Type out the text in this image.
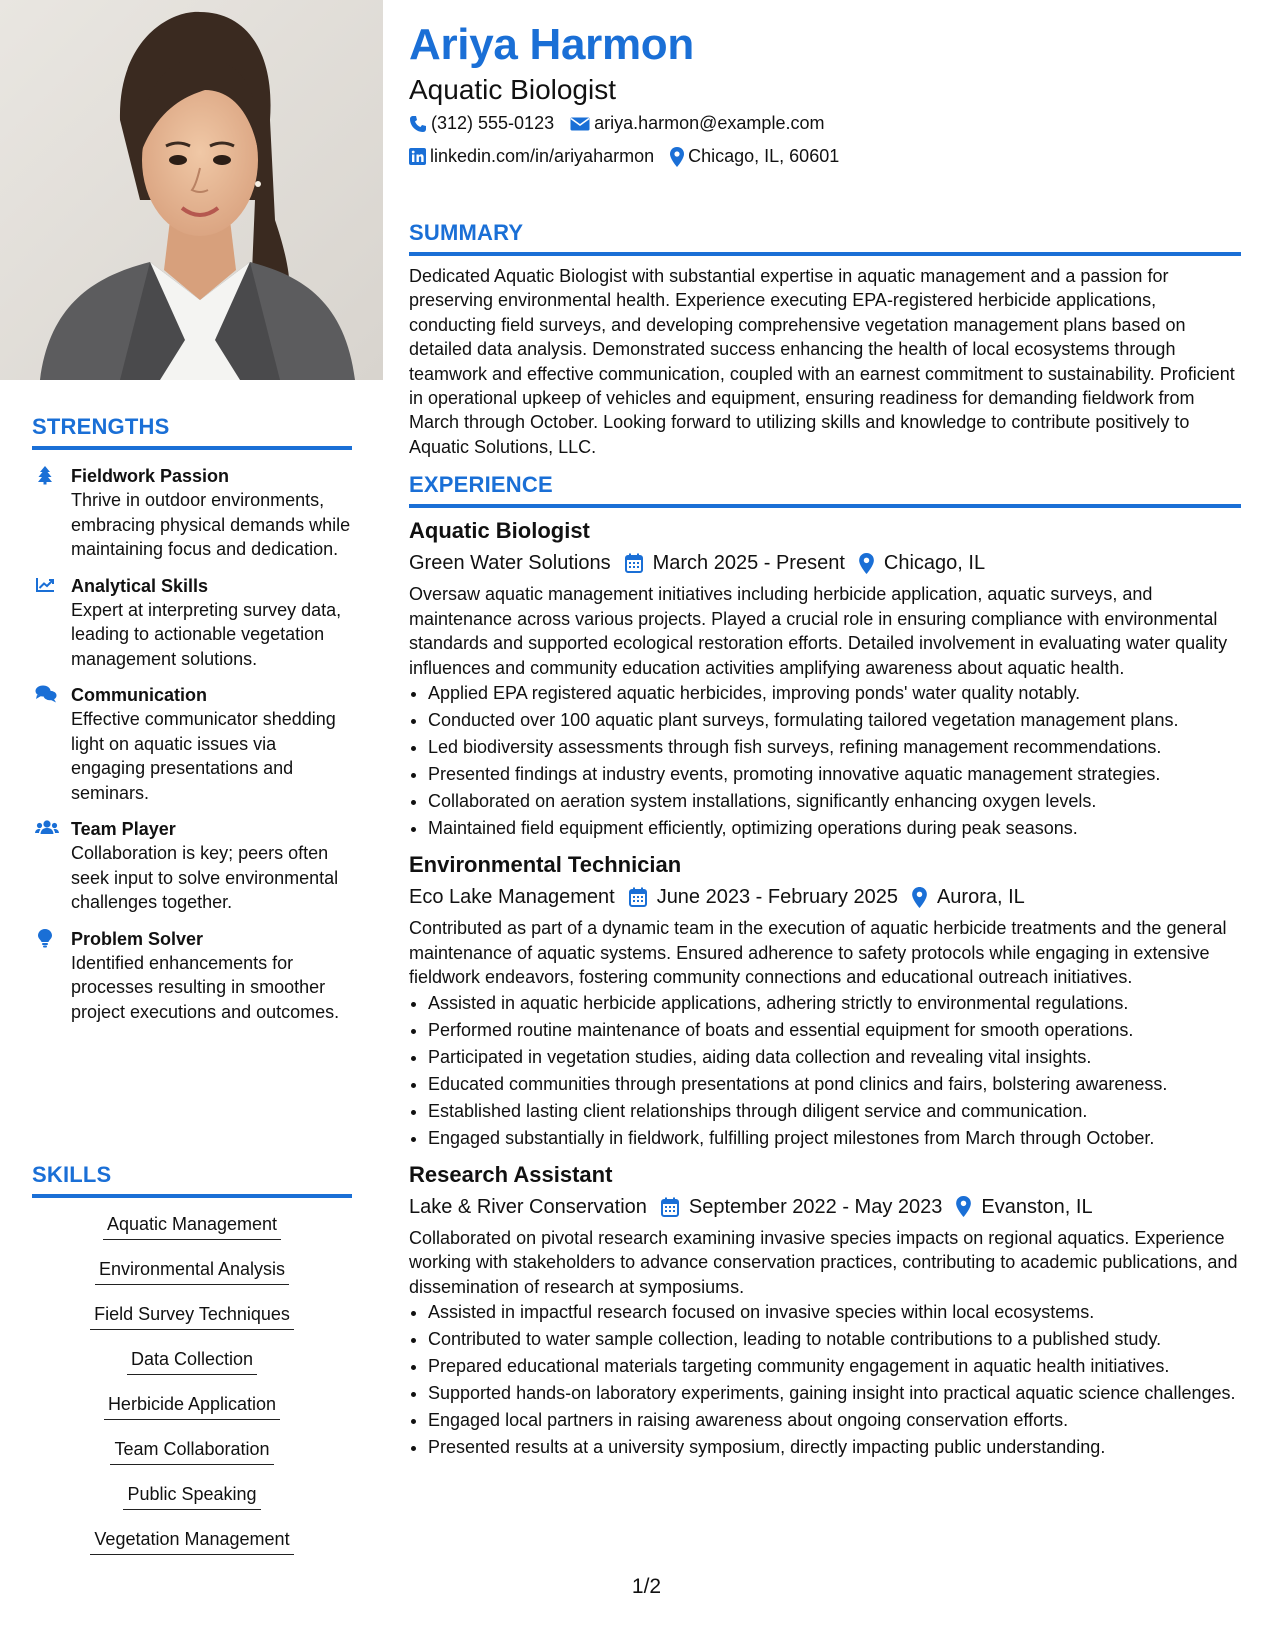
STRENGTHS
Fieldwork Passion
Thrive in outdoor environments, embracing physical demands while maintaining focus and dedication.
Analytical Skills
Expert at interpreting survey data, leading to actionable vegetation management solutions.
Communication
Effective communicator shedding light on aquatic issues via engaging presentations and seminars.
Team Player
Collaboration is key; peers often seek input to solve environmental challenges together.
Problem Solver
Identified enhancements for processes resulting in smoother project executions and outcomes.
SKILLS
Aquatic Management
Environmental Analysis
Field Survey Techniques
Data Collection
Herbicide Application
Team Collaboration
Public Speaking
Vegetation Management
Ariya Harmon
Aquatic Biologist
(312) 555-0123 ariya.harmon@example.com
linkedin.com/in/ariyaharmon Chicago, IL, 60601
SUMMARY

Dedicated Aquatic Biologist with substantial expertise in aquatic management and a passion for preserving environmental health. Experience executing EPA-registered herbicide applications, conducting field surveys, and developing comprehensive vegetation management plans based on detailed data analysis. Demonstrated success enhancing the health of local ecosystems through teamwork and effective communication, coupled with an earnest commitment to sustainability. Proficient in operational upkeep of vehicles and equipment, ensuring readiness for demanding fieldwork from March through October. Looking forward to utilizing skills and knowledge to contribute positively to Aquatic Solutions, LLC.

EXPERIENCE
Aquatic Biologist
Green Water Solutions March 2025 - Present Chicago, IL

Oversaw aquatic management initiatives including herbicide application, aquatic surveys, and maintenance across various projects. Played a crucial role in ensuring compliance with environmental standards and supported ecological restoration efforts. Detailed involvement in evaluating water quality influences and community education activities amplifying awareness about aquatic health.

• Applied EPA registered aquatic herbicides, improving ponds' water quality notably.
• Conducted over 100 aquatic plant surveys, formulating tailored vegetation management plans.
• Led biodiversity assessments through fish surveys, refining management recommendations.
• Presented findings at industry events, promoting innovative aquatic management strategies.
• Collaborated on aeration system installations, significantly enhancing oxygen levels.
• Maintained field equipment efficiently, optimizing operations during peak seasons.
Environmental Technician
Eco Lake Management June 2023 - February 2025 Aurora, IL

Contributed as part of a dynamic team in the execution of aquatic herbicide treatments and the general maintenance of aquatic systems. Ensured adherence to safety protocols while engaging in extensive fieldwork endeavors, fostering community connections and educational outreach initiatives.

• Assisted in aquatic herbicide applications, adhering strictly to environmental regulations.
• Performed routine maintenance of boats and essential equipment for smooth operations.
• Participated in vegetation studies, aiding data collection and revealing vital insights.
• Educated communities through presentations at pond clinics and fairs, bolstering awareness.
• Established lasting client relationships through diligent service and communication.
• Engaged substantially in fieldwork, fulfilling project milestones from March through October.
Research Assistant
Lake & River Conservation September 2022 - May 2023 Evanston, IL

Collaborated on pivotal research examining invasive species impacts on regional aquatics. Experience working with stakeholders to advance conservation practices, contributing to academic publications, and dissemination of research at symposiums.

• Assisted in impactful research focused on invasive species within local ecosystems.
• Contributed to water sample collection, leading to notable contributions to a published study.
• Prepared educational materials targeting community engagement in aquatic health initiatives.
• Supported hands-on laboratory experiments, gaining insight into practical aquatic science challenges.
• Engaged local partners in raising awareness about ongoing conservation efforts.
• Presented results at a university symposium, directly impacting public understanding.
1/2
